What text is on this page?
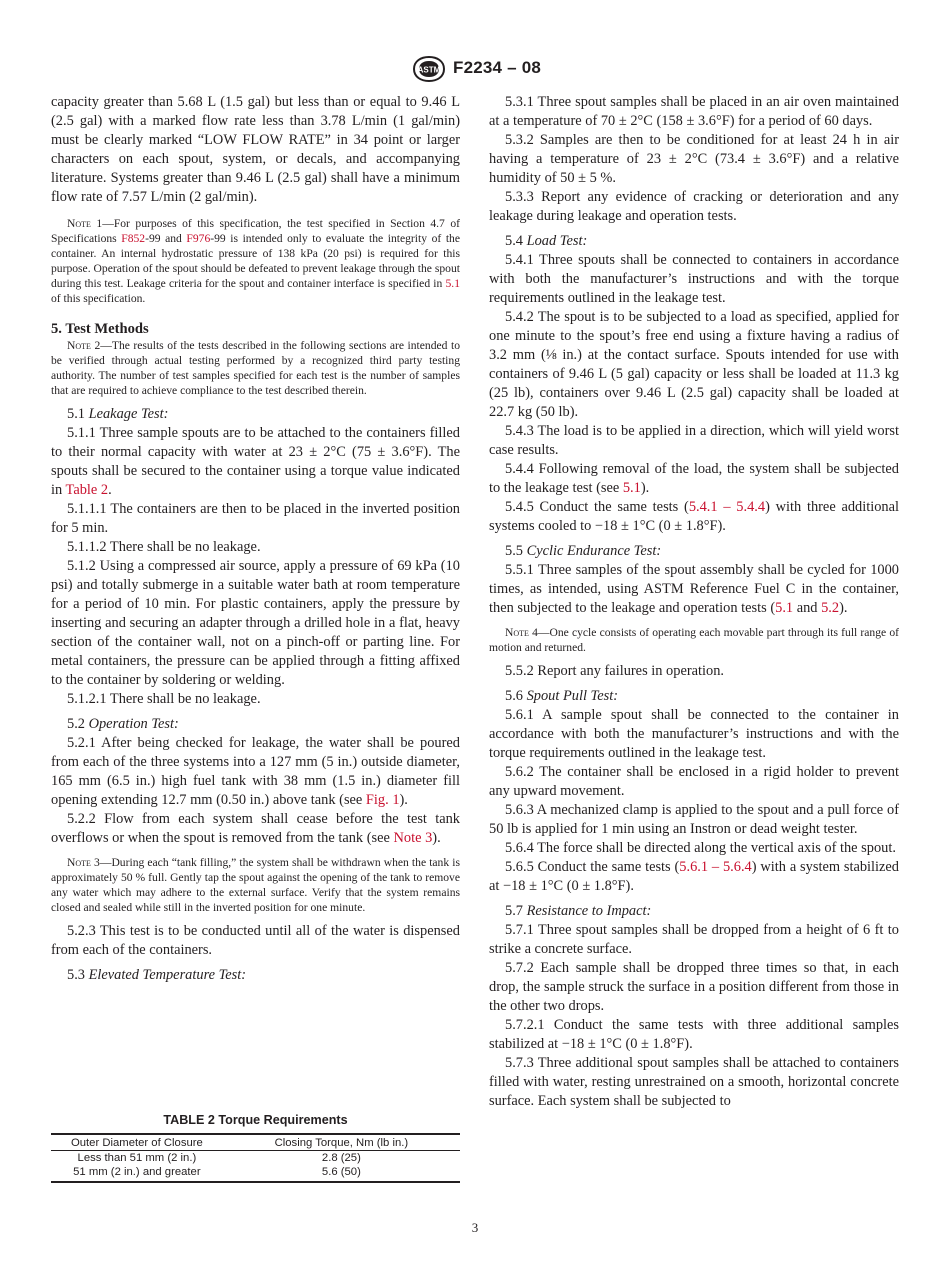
ASTM F2234 – 08

capacity greater than 5.68 L (1.5 gal) but less than or equal to 9.46 L (2.5 gal) with a marked flow rate less than 3.78 L/min (1 gal/min) must be clearly marked “LOW FLOW RATE” in 34 point or larger characters on each spout, system, or decals, and accompanying literature. Systems greater than 9.46 L (2.5 gal) shall have a minimum flow rate of 7.57 L/min (2 gal/min).

Note 1—For purposes of this specification, the test specified in Section 4.7 of Specifications F852-99 and F976-99 is intended only to evaluate the integrity of the container. An internal hydrostatic pressure of 138 kPa (20 psi) is required for this purpose. Operation of the spout should be defeated to prevent leakage through the spout during this test. Leakage criteria for the spout and container interface is specified in 5.1 of this specification.

5. Test Methods

Note 2—The results of the tests described in the following sections are intended to be verified through actual testing performed by a recognized third party testing authority. The number of test samples specified for each test is the number of samples that are required to achieve compliance to the test described therein.

5.1 Leakage Test:

5.1.1 Three sample spouts are to be attached to the containers filled to their normal capacity with water at 23 ± 2°C (75 ± 3.6°F). The spouts shall be secured to the container using a torque value indicated in Table 2.

5.1.1.1 The containers are then to be placed in the inverted position for 5 min.

5.1.1.2 There shall be no leakage.

5.1.2 Using a compressed air source, apply a pressure of 69 kPa (10 psi) and totally submerge in a suitable water bath at room temperature for a period of 10 min. For plastic containers, apply the pressure by inserting and securing an adapter through a drilled hole in a flat, heavy section of the container wall, not on a pinch-off or parting line. For metal containers, the pressure can be applied through a fitting affixed to the container by soldering or welding.

5.1.2.1 There shall be no leakage.

5.2 Operation Test:

5.2.1 After being checked for leakage, the water shall be poured from each of the three systems into a 127 mm (5 in.) outside diameter, 165 mm (6.5 in.) high fuel tank with 38 mm (1.5 in.) diameter fill opening extending 12.7 mm (0.50 in.) above tank (see Fig. 1).

5.2.2 Flow from each system shall cease before the test tank overflows or when the spout is removed from the tank (see Note 3).

Note 3—During each “tank filling,” the system shall be withdrawn when the tank is approximately 50 % full. Gently tap the spout against the opening of the tank to remove any water which may adhere to the external surface. Verify that the system remains closed and sealed while still in the inverted position for one minute.

5.2.3 This test is to be conducted until all of the water is dispensed from each of the containers.

5.3 Elevated Temperature Test:

TABLE 2 Torque Requirements
Outer Diameter of Closure	Closing Torque, Nm (lb in.)
Less than 51 mm (2 in.)	2.8 (25)
51 mm (2 in.) and greater	5.6 (50)

5.3.1 Three spout samples shall be placed in an air oven maintained at a temperature of 70 ± 2°C (158 ± 3.6°F) for a period of 60 days.

5.3.2 Samples are then to be conditioned for at least 24 h in air having a temperature of 23 ± 2°C (73.4 ± 3.6°F) and a relative humidity of 50 ± 5 %.

5.3.3 Report any evidence of cracking or deterioration and any leakage during leakage and operation tests.

5.4 Load Test:

5.4.1 Three spouts shall be connected to containers in accordance with both the manufacturer’s instructions and with the torque requirements outlined in the leakage test.

5.4.2 The spout is to be subjected to a load as specified, applied for one minute to the spout’s free end using a fixture having a radius of 3.2 mm (⅛ in.) at the contact surface. Spouts intended for use with containers of 9.46 L (5 gal) capacity or less shall be loaded at 11.3 kg (25 lb), containers over 9.46 L (2.5 gal) capacity shall be loaded at 22.7 kg (50 lb).

5.4.3 The load is to be applied in a direction, which will yield worst case results.

5.4.4 Following removal of the load, the system shall be subjected to the leakage test (see 5.1).

5.4.5 Conduct the same tests (5.4.1 – 5.4.4) with three additional systems cooled to −18 ± 1°C (0 ± 1.8°F).

5.5 Cyclic Endurance Test:

5.5.1 Three samples of the spout assembly shall be cycled for 1000 times, as intended, using ASTM Reference Fuel C in the container, then subjected to the leakage and operation tests (5.1 and 5.2).

Note 4—One cycle consists of operating each movable part through its full range of motion and returned.

5.5.2 Report any failures in operation.

5.6 Spout Pull Test:

5.6.1 A sample spout shall be connected to the container in accordance with both the manufacturer’s instructions and with the torque requirements outlined in the leakage test.

5.6.2 The container shall be enclosed in a rigid holder to prevent any upward movement.

5.6.3 A mechanized clamp is applied to the spout and a pull force of 50 lb is applied for 1 min using an Instron or dead weight tester.

5.6.4 The force shall be directed along the vertical axis of the spout.

5.6.5 Conduct the same tests (5.6.1 – 5.6.4) with a system stabilized at −18 ± 1°C (0 ± 1.8°F).

5.7 Resistance to Impact:

5.7.1 Three spout samples shall be dropped from a height of 6 ft to strike a concrete surface.

5.7.2 Each sample shall be dropped three times so that, in each drop, the sample struck the surface in a position different from those in the other two drops.

5.7.2.1 Conduct the same tests with three additional samples stabilized at −18 ± 1°C (0 ± 1.8°F).

5.7.3 Three additional spout samples shall be attached to containers filled with water, resting unrestrained on a smooth, horizontal concrete surface. Each system shall be subjected to

3
